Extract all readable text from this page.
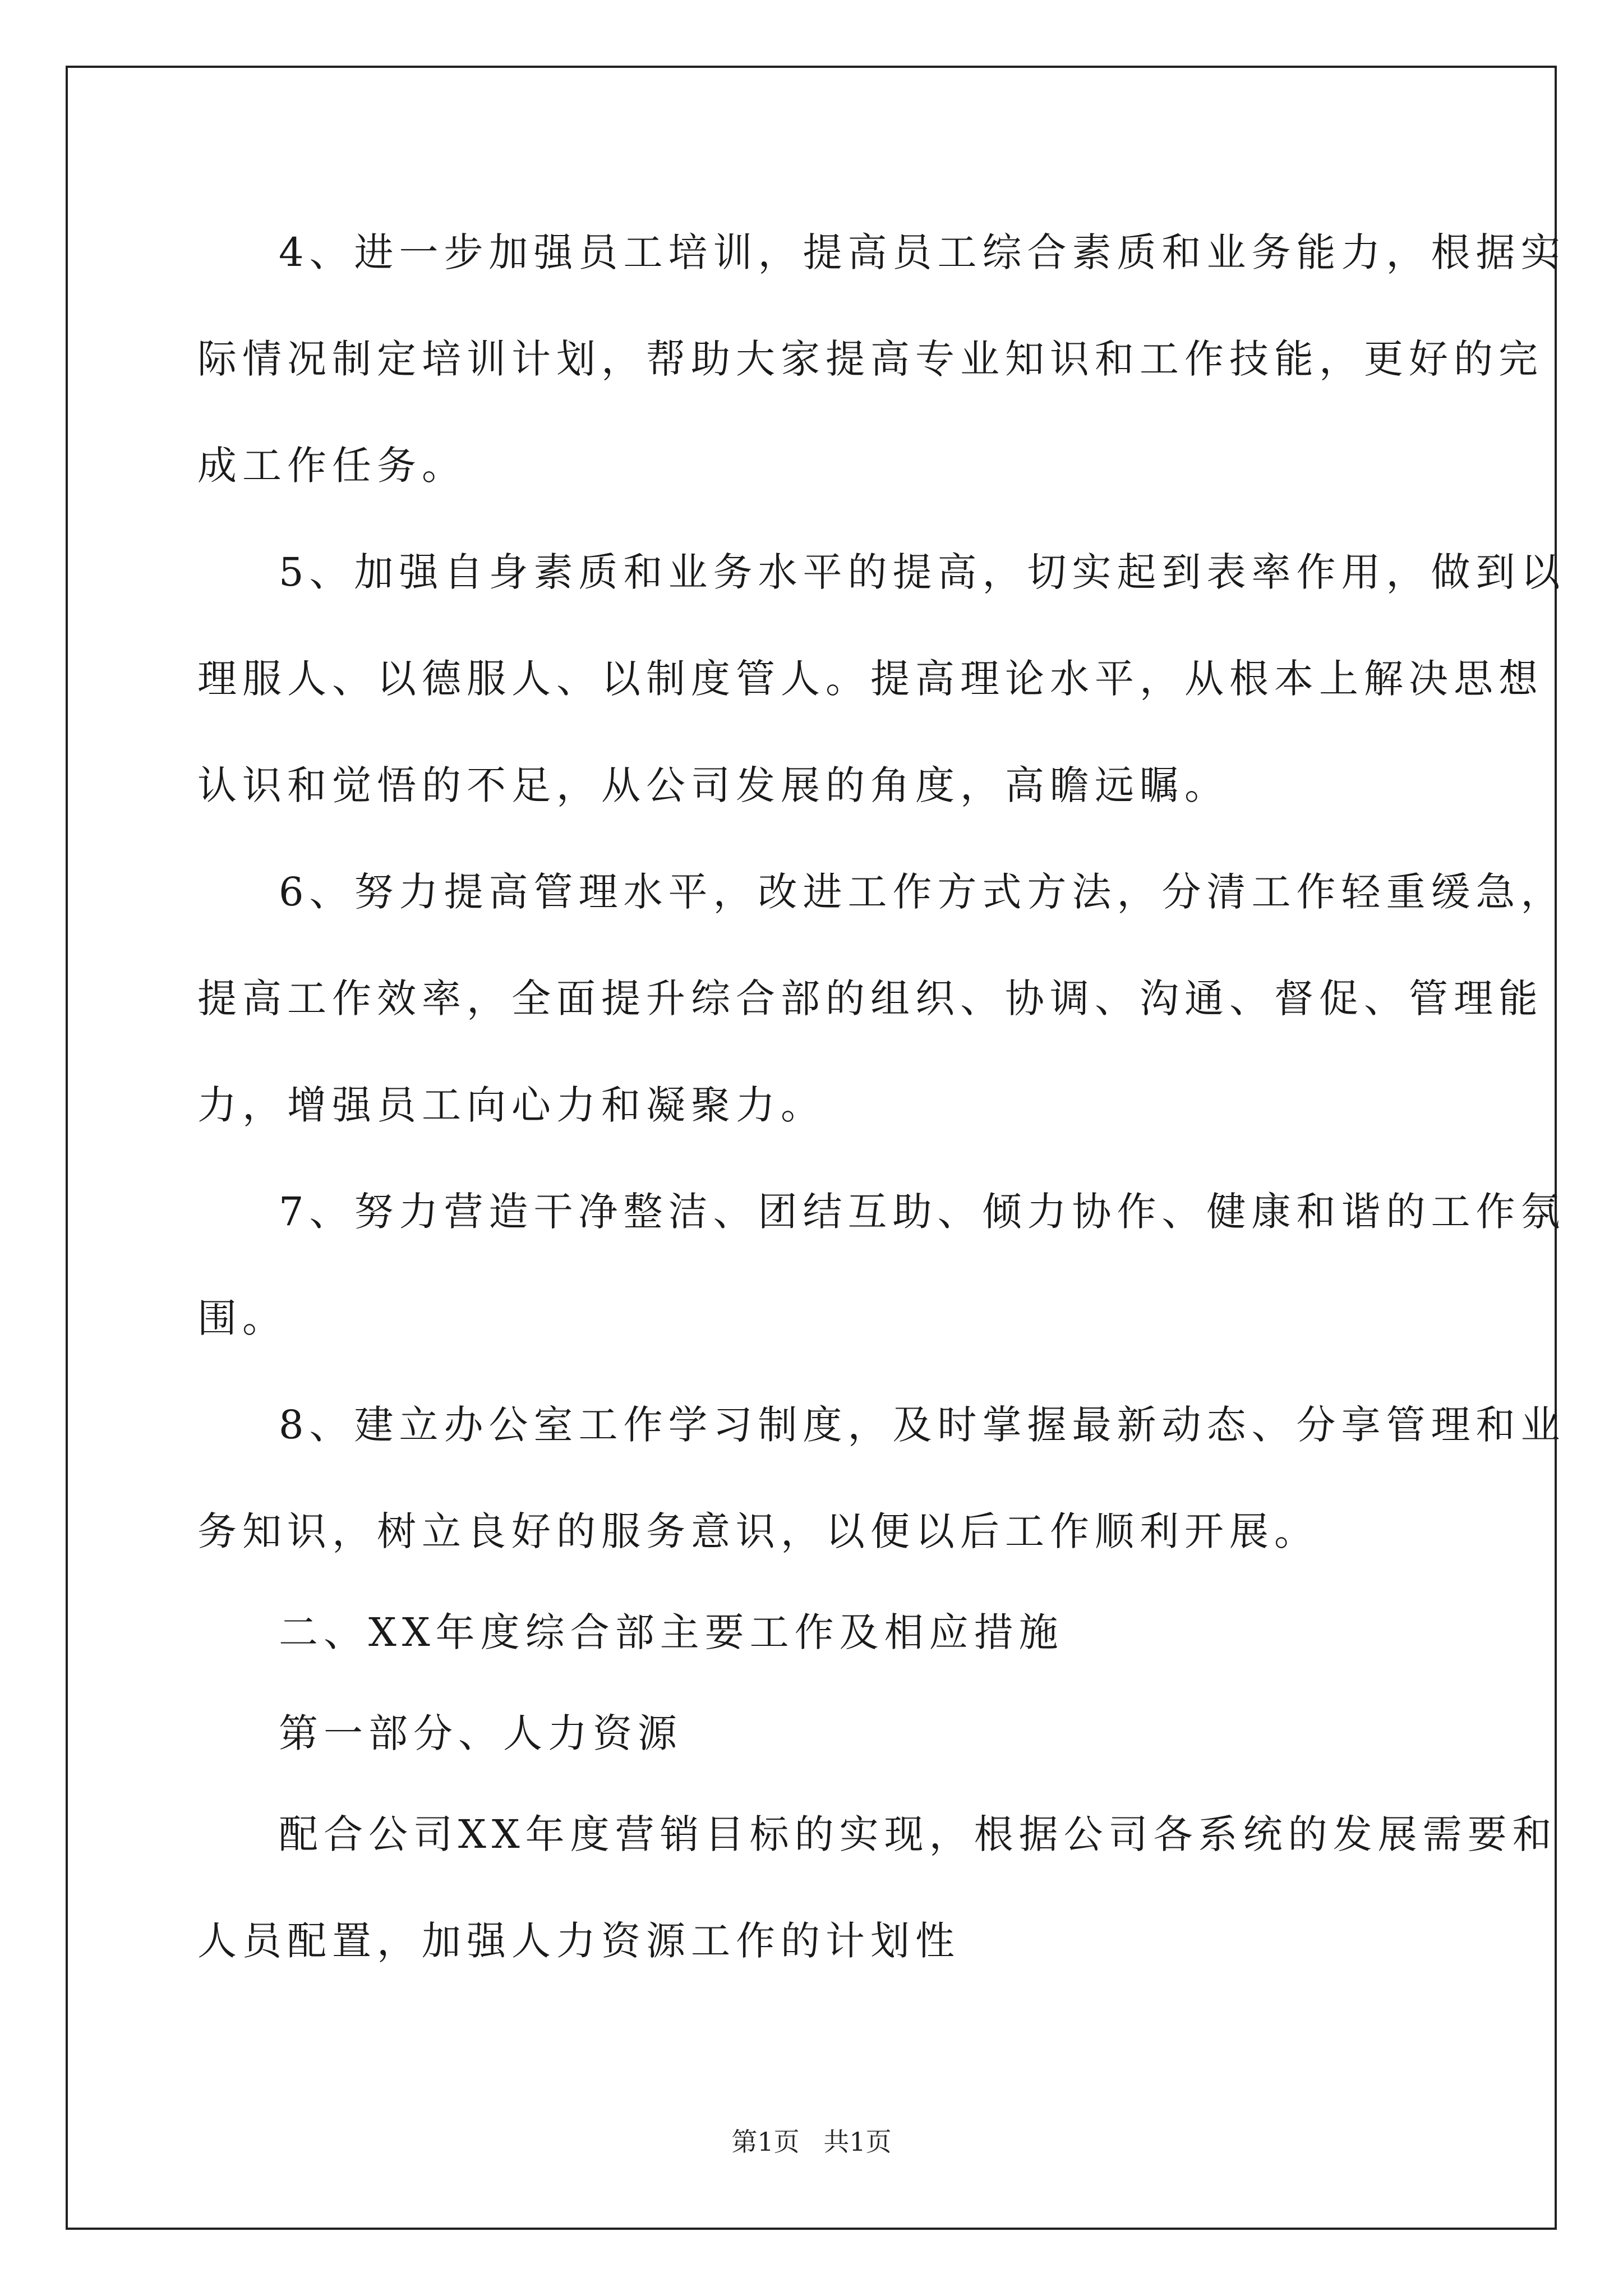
4、进一步加强员工培训，提高员工综合素质和业务能力，根据实
际情况制定培训计划，帮助大家提高专业知识和工作技能，更好的完
成工作任务。
5、加强自身素质和业务水平的提高，切实起到表率作用，做到以
理服人、以德服人、以制度管人。提高理论水平，从根本上解决思想
认识和觉悟的不足，从公司发展的角度，高瞻远瞩。
6、努力提高管理水平，改进工作方式方法，分清工作轻重缓急，
提高工作效率，全面提升综合部的组织、协调、沟通、督促、管理能
力，增强员工向心力和凝聚力。
7、努力营造干净整洁、团结互助、倾力协作、健康和谐的工作氛
围。
8、建立办公室工作学习制度，及时掌握最新动态、分享管理和业
务知识，树立良好的服务意识，以便以后工作顺利开展。
二、XX年度综合部主要工作及相应措施
第一部分、人力资源
配合公司XX年度营销目标的实现，根据公司各系统的发展需要和
人员配置，加强人力资源工作的计划性
第1页 共1页
